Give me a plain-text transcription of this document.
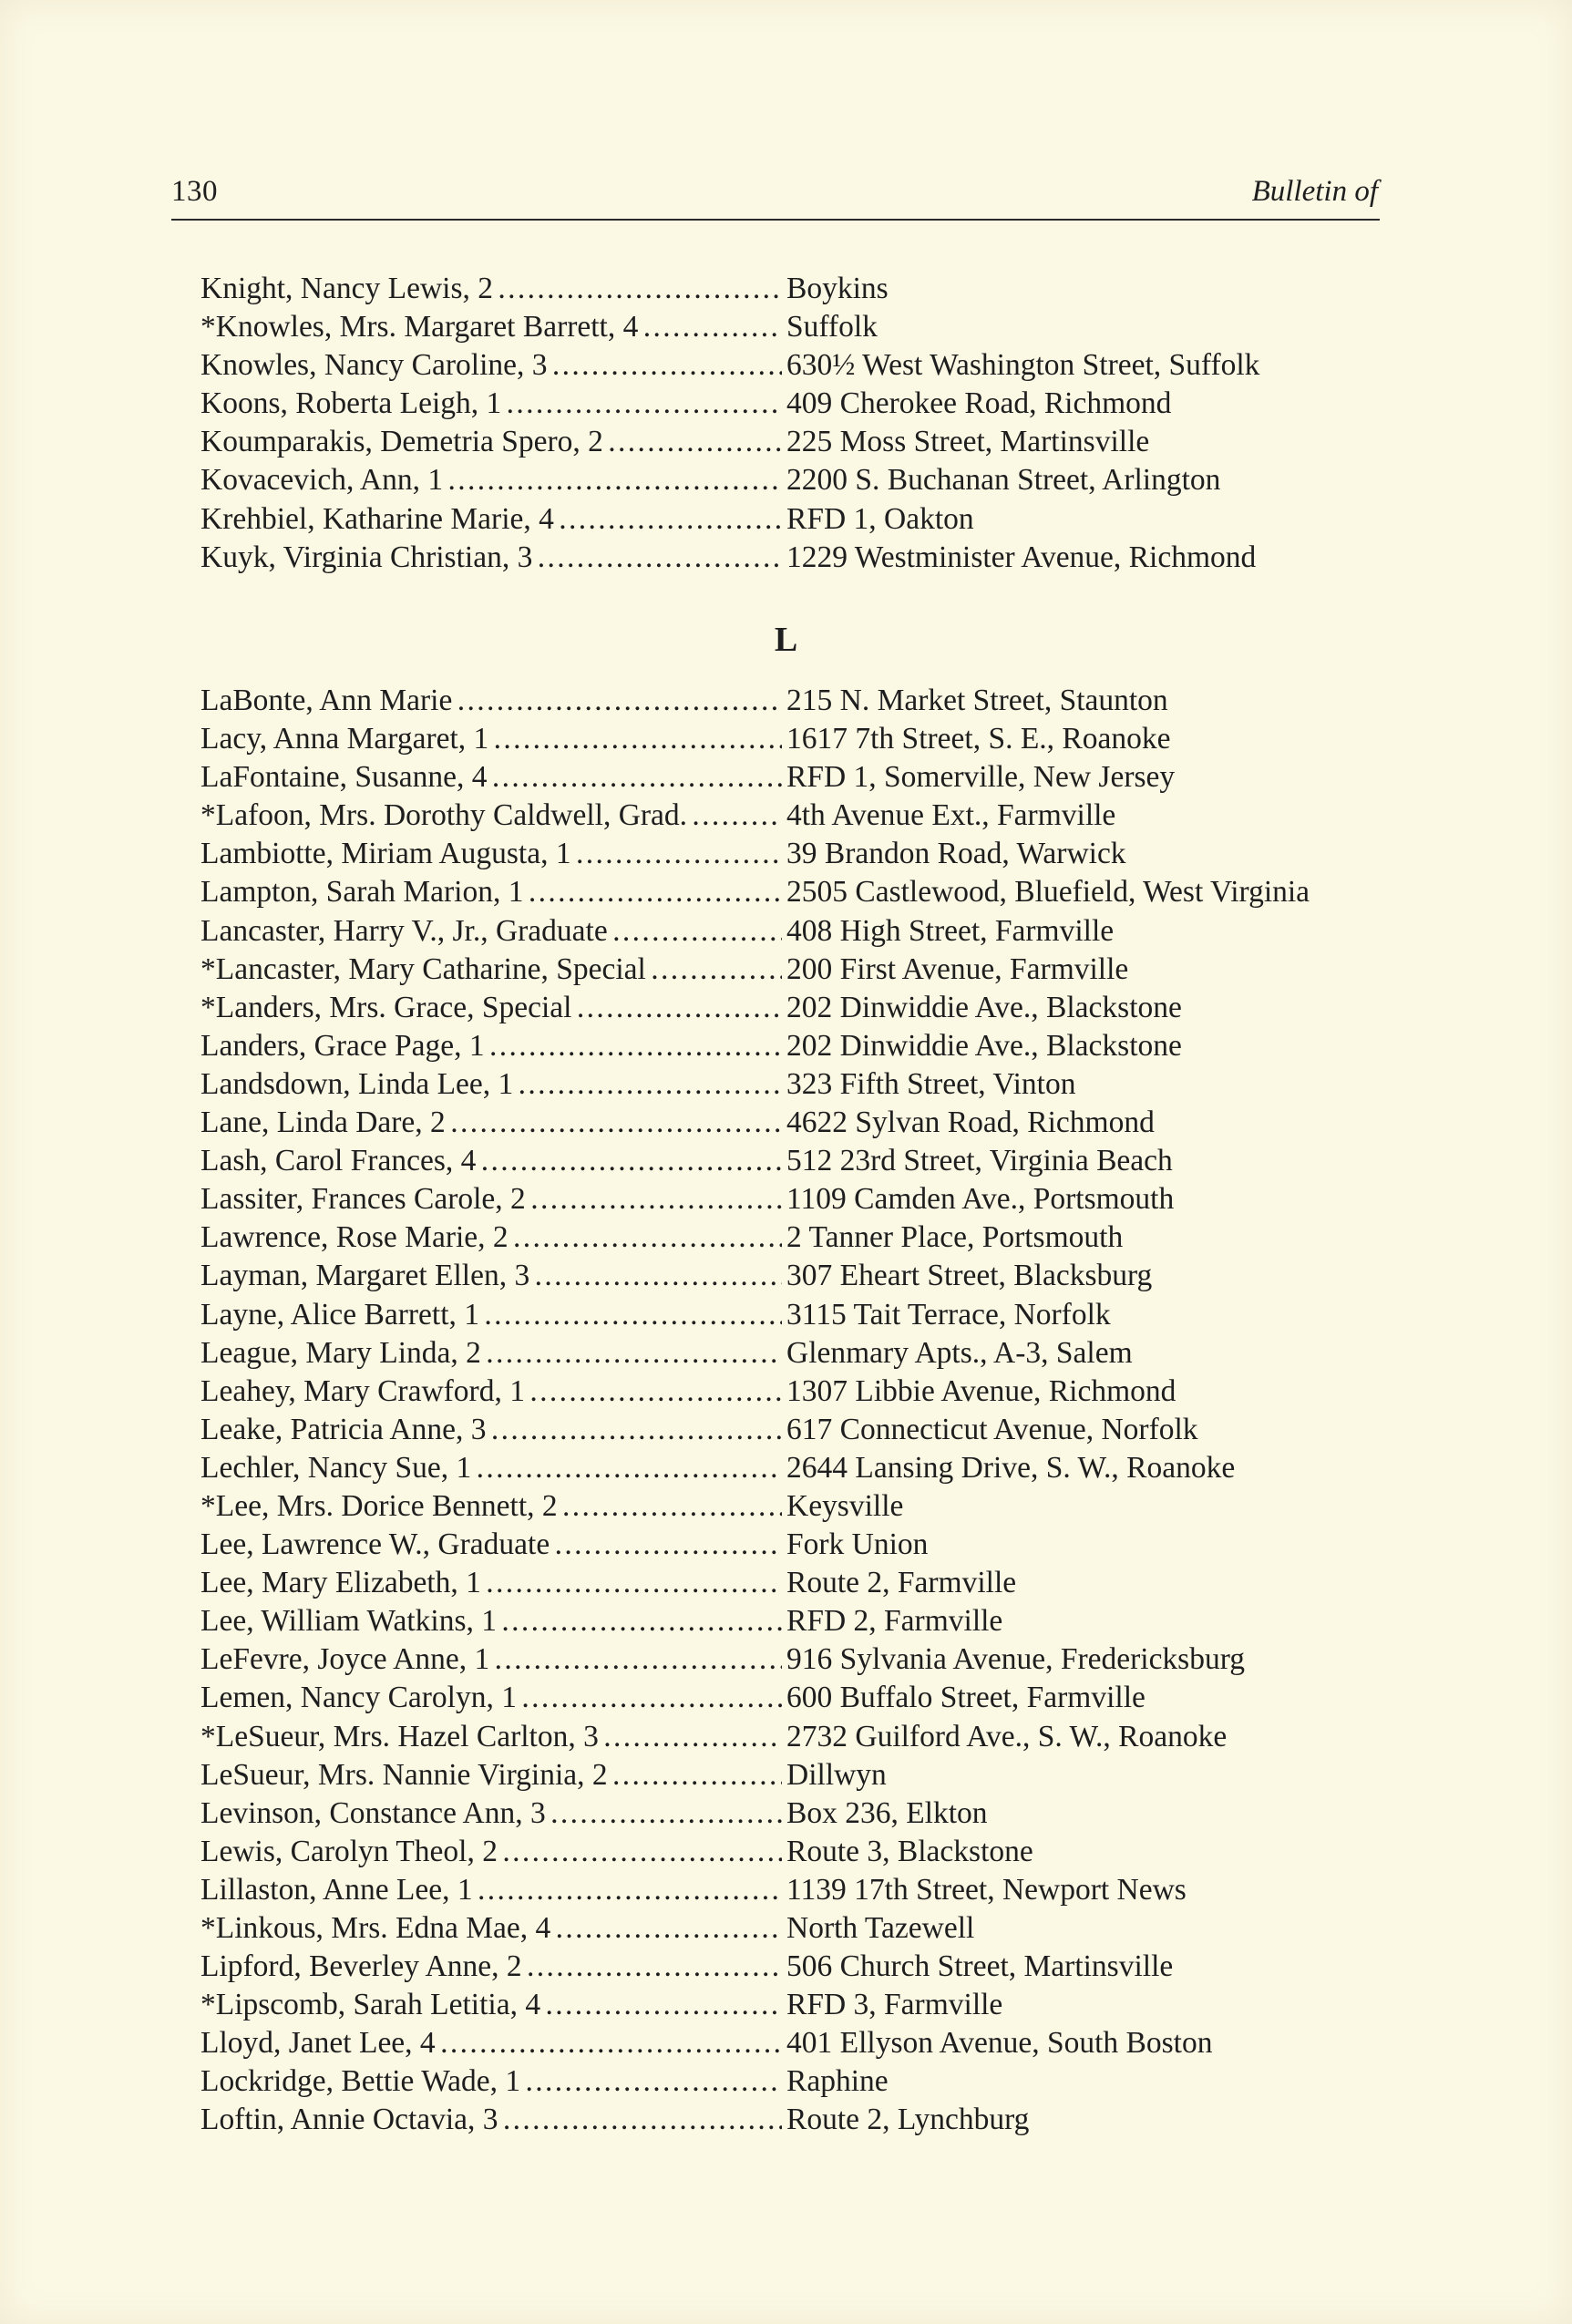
130	Bulletin of
Knight, Nancy Lewis, 2 . . .	Boykins
*Knowles, Mrs. Margaret Barrett, 4 . . .	Suffolk
Knowles, Nancy Caroline, 3 . . .	630½ West Washington Street, Suffolk
Koons, Roberta Leigh, 1 . . .	409 Cherokee Road, Richmond
Koumparakis, Demetria Spero, 2 . . .	225 Moss Street, Martinsville
Kovacevich, Ann, 1 . . .	2200 S. Buchanan Street, Arlington
Krehbiel, Katharine Marie, 4 . . .	RFD 1, Oakton
Kuyk, Virginia Christian, 3 . . .	1229 Westminister Avenue, Richmond
L
LaBonte, Ann Marie . . .	215 N. Market Street, Staunton
Lacy, Anna Margaret, 1 . . .	1617 7th Street, S. E., Roanoke
LaFontaine, Susanne, 4 . . .	RFD 1, Somerville, New Jersey
*Lafoon, Mrs. Dorothy Caldwell, Grad. . . .	4th Avenue Ext., Farmville
Lambiotte, Miriam Augusta, 1 . . .	39 Brandon Road, Warwick
Lampton, Sarah Marion, 1 . . .	2505 Castlewood, Bluefield, West Virginia
Lancaster, Harry V., Jr., Graduate . . .	408 High Street, Farmville
*Lancaster, Mary Catharine, Special . . .	200 First Avenue, Farmville
*Landers, Mrs. Grace, Special . . .	202 Dinwiddie Ave., Blackstone
Landers, Grace Page, 1 . . .	202 Dinwiddie Ave., Blackstone
Landsdown, Linda Lee, 1 . . .	323 Fifth Street, Vinton
Lane, Linda Dare, 2 . . .	4622 Sylvan Road, Richmond
Lash, Carol Frances, 4 . . .	512 23rd Street, Virginia Beach
Lassiter, Frances Carole, 2 . . .	1109 Camden Ave., Portsmouth
Lawrence, Rose Marie, 2 . . .	2 Tanner Place, Portsmouth
Layman, Margaret Ellen, 3 . . .	307 Eheart Street, Blacksburg
Layne, Alice Barrett, 1 . . .	3115 Tait Terrace, Norfolk
League, Mary Linda, 2 . . .	Glenmary Apts., A-3, Salem
Leahey, Mary Crawford, 1 . . .	1307 Libbie Avenue, Richmond
Leake, Patricia Anne, 3 . . .	617 Connecticut Avenue, Norfolk
Lechler, Nancy Sue, 1 . . .	2644 Lansing Drive, S. W., Roanoke
*Lee, Mrs. Dorice Bennett, 2 . . .	Keysville
Lee, Lawrence W., Graduate . . .	Fork Union
Lee, Mary Elizabeth, 1 . . .	Route 2, Farmville
Lee, William Watkins, 1 . . .	RFD 2, Farmville
LeFevre, Joyce Anne, 1 . . .	916 Sylvania Avenue, Fredericksburg
Lemen, Nancy Carolyn, 1 . . .	600 Buffalo Street, Farmville
*LeSueur, Mrs. Hazel Carlton, 3 . . .	2732 Guilford Ave., S. W., Roanoke
LeSueur, Mrs. Nannie Virginia, 2 . . .	Dillwyn
Levinson, Constance Ann, 3 . . .	Box 236, Elkton
Lewis, Carolyn Theol, 2 . . .	Route 3, Blackstone
Lillaston, Anne Lee, 1 . . .	1139 17th Street, Newport News
*Linkous, Mrs. Edna Mae, 4 . . .	North Tazewell
Lipford, Beverley Anne, 2 . . .	506 Church Street, Martinsville
*Lipscomb, Sarah Letitia, 4 . . .	RFD 3, Farmville
Lloyd, Janet Lee, 4 . . .	401 Ellyson Avenue, South Boston
Lockridge, Bettie Wade, 1 . . .	Raphine
Loftin, Annie Octavia, 3 . . .	Route 2, Lynchburg
